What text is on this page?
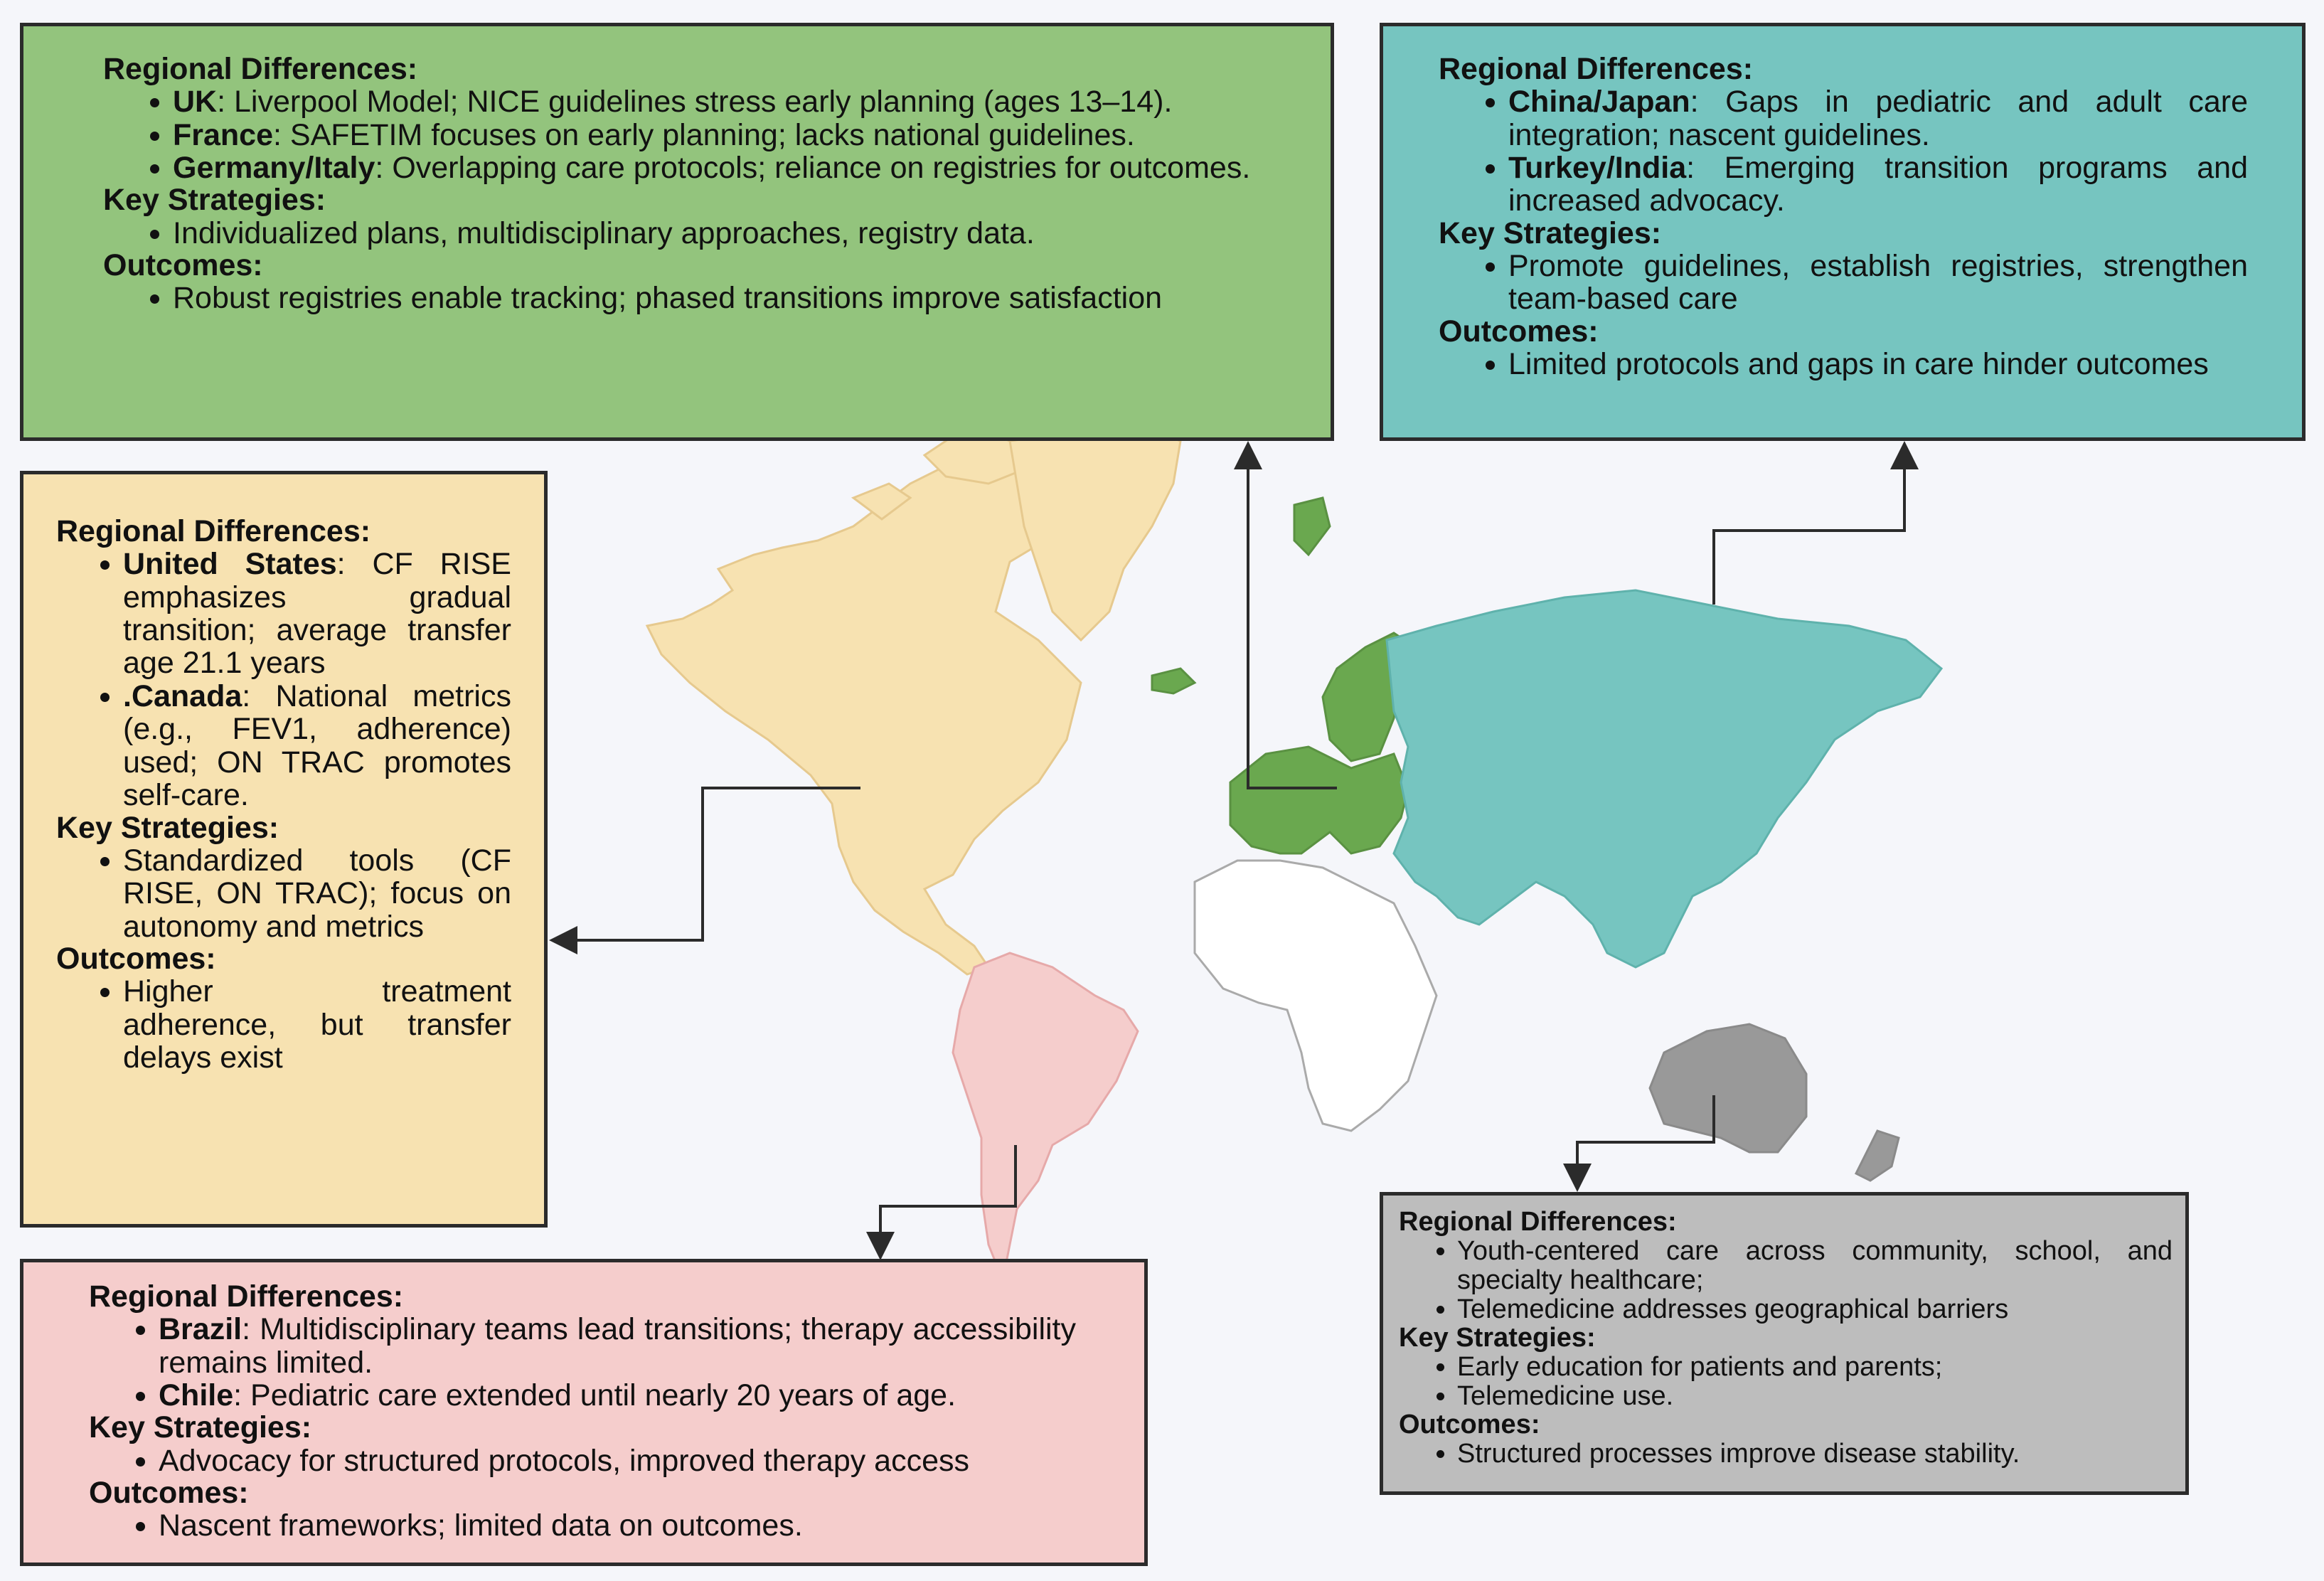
Regional Differences:
• UK: Liverpool Model; NICE guidelines stress early planning (ages 13–14).
• France: SAFETIM focuses on early planning; lacks national guidelines.
• Germany/Italy: Overlapping care protocols; reliance on registries for outcomes.
Key Strategies:
• Individualized plans, multidisciplinary approaches, registry data.
Outcomes:
• Robust registries enable tracking; phased transitions improve satisfaction
Regional Differences:
• China/Japan: Gaps in pediatric and adult care integration; nascent guidelines.
• Turkey/India: Emerging transition programs and increased advocacy.
Key Strategies:
• Promote guidelines, establish registries, strengthen team-based care
Outcomes:
• Limited protocols and gaps in care hinder outcomes
Regional Differences:
• United States: CF RISE emphasizes gradual transition; average transfer age 21.1 years
• .Canada: National metrics (e.g., FEV1, adherence) used; ON TRAC promotes self-care.
Key Strategies:
• Standardized tools (CF RISE, ON TRAC); focus on autonomy and metrics
Outcomes:
• Higher treatment adherence, but transfer delays exist
Regional Differences:
• Brazil: Multidisciplinary teams lead transitions; therapy accessibility remains limited.
• Chile: Pediatric care extended until nearly 20 years of age.
Key Strategies:
• Advocacy for structured protocols, improved therapy access
Outcomes:
• Nascent frameworks; limited data on outcomes.
Regional Differences:
• Youth-centered care across community, school, and specialty healthcare;
• Telemedicine addresses geographical barriers
Key Strategies:
• Early education for patients and parents;
• Telemedicine use.
Outcomes:
• Structured processes improve disease stability.
